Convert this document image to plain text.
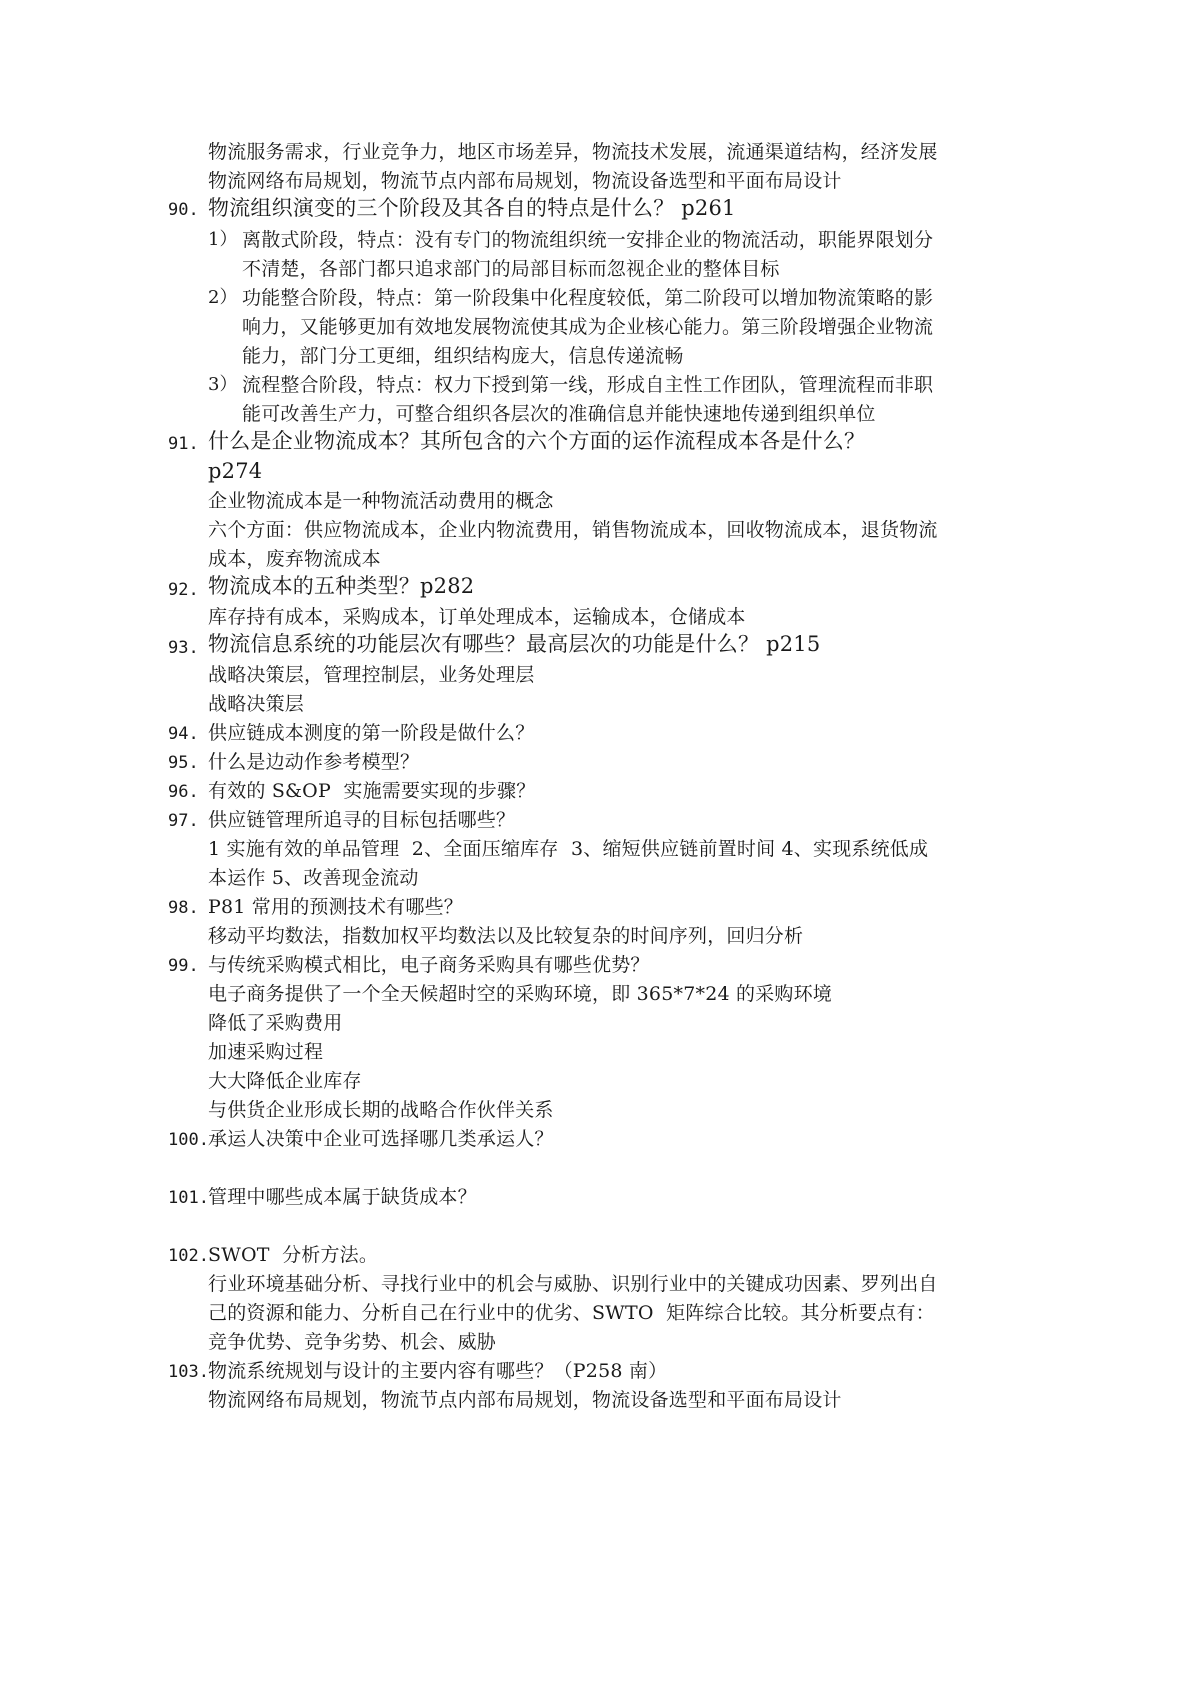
物流服务需求，行业竞争力，地区市场差异，物流技术发展，流通渠道结构，经济发展
物流网络布局规划，物流节点内部布局规划，物流设备选型和平面布局设计
90. 物流组织演变的三个阶段及其各自的特点是什么？ p261
1） 离散式阶段，特点：没有专门的物流组织统一安排企业的物流活动，职能界限划分
不清楚，各部门都只追求部门的局部目标而忽视企业的整体目标
2） 功能整合阶段，特点：第一阶段集中化程度较低，第二阶段可以增加物流策略的影
响力，又能够更加有效地发展物流使其成为企业核心能力。第三阶段增强企业物流
能力，部门分工更细，组织结构庞大，信息传递流畅
3） 流程整合阶段，特点：权力下授到第一线，形成自主性工作团队，管理流程而非职
能可改善生产力，可整合组织各层次的准确信息并能快速地传递到组织单位
91. 什么是企业物流成本？其所包含的六个方面的运作流程成本各是什么？
p274
企业物流成本是一种物流活动费用的概念
六个方面：供应物流成本，企业内物流费用，销售物流成本，回收物流成本，退货物流
成本，废弃物流成本
92. 物流成本的五种类型？p282
库存持有成本，采购成本，订单处理成本，运输成本，仓储成本
93. 物流信息系统的功能层次有哪些？最高层次的功能是什么？ p215
战略决策层，管理控制层，业务处理层
战略决策层
94. 供应链成本测度的第一阶段是做什么？
95. 什么是边动作参考模型？
96. 有效的 S&OP  实施需要实现的步骤？
97. 供应链管理所追寻的目标包括哪些？
1 实施有效的单品管理  2、全面压缩库存  3、缩短供应链前置时间 4、实现系统低成
本运作 5、改善现金流动
98. P81 常用的预测技术有哪些？
移动平均数法，指数加权平均数法以及比较复杂的时间序列，回归分析
99. 与传统采购模式相比，电子商务采购具有哪些优势？
电子商务提供了一个全天候超时空的采购环境，即 365*7*24 的采购环境
降低了采购费用
加速采购过程
大大降低企业库存
与供货企业形成长期的战略合作伙伴关系
100. 承运人决策中企业可选择哪几类承运人？
101. 管理中哪些成本属于缺货成本？
102. SWOT  分析方法。
行业环境基础分析、寻找行业中的机会与威胁、识别行业中的关键成功因素、罗列出自
己的资源和能力、分析自己在行业中的优劣、SWTO  矩阵综合比较。其分析要点有：
竞争优势、竞争劣势、机会、威胁
103. 物流系统规划与设计的主要内容有哪些？（P258 南）
物流网络布局规划，物流节点内部布局规划，物流设备选型和平面布局设计
